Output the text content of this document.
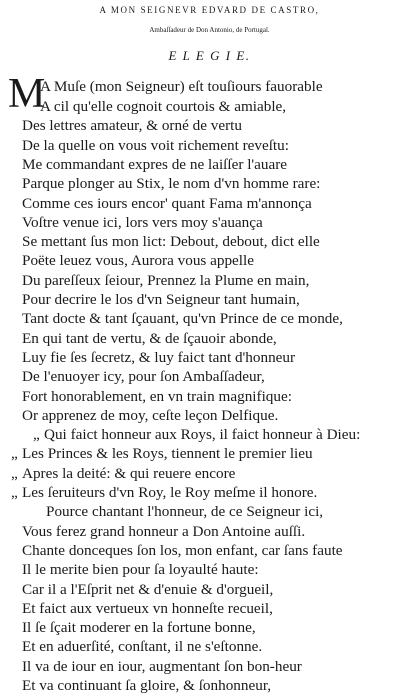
A MON SEIGNEVR EDVARD DE CASTRO,
Ambaſſadeur de Don Antonio, de Portugal.
E L E G I E.
M
A Muſe (mon Seigneur) eſt touſiours fauorable
A cil qu'elle cognoit courtois & amiable,
Des lettres amateur, & orné de vertu
De la quelle on vous voit richement reveſtu:
Me commandant expres de ne laiſſer l'auare
Parque plonger au Stix, le nom d'vn homme rare:
Comme ces iours encor' quant Fama m'annonça
Voſtre venue ici, lors vers moy s'auança
Se mettant ſus mon lict: Debout, debout, dict elle
Poëte leuez vous, Aurora vous appelle
Du pareſſeux ſeiour, Prennez la Plume en main,
Pour decrire le los d'vn Seigneur tant humain,
Tant docte & tant ſçauant, qu'vn Prince de ce monde,
En qui tant de vertu, & de ſçauoir abonde,
Luy fie ſes ſecretz, & luy faict tant d'honneur
De l'enuoyer icy, pour ſon Ambaſſadeur,
Fort honorablement, en vn train magnifique:
Or apprenez de moy, ceſte leçon Delfique.
„ Qui faict honneur aux Roys, il faict honneur à Dieu:
„ Les Princes & les Roys, tiennent le premier lieu
„ Apres la deité: & qui reuere encore
„ Les ſeruiteurs d'vn Roy, le Roy meſme il honore.
Pource chantant l'honneur, de ce Seigneur ici,
Vous ferez grand honneur a Don Antoine auſſi.
Chante donceques ſon los, mon enfant, car ſans faute
Il le merite bien pour ſa loyaulté haute:
Car il a l'Eſprit net & d'enuie & d'orgueil,
Et faict aux vertueux vn honneſte recueil,
Il ſe ſçait moderer en la fortune bonne,
Et en aduerſité, conſtant, il ne s'eſtonne.
Il va de iour en iour, augmentant ſon bon-heur
Et va continuant ſa gloire, & ſonhonneur,
